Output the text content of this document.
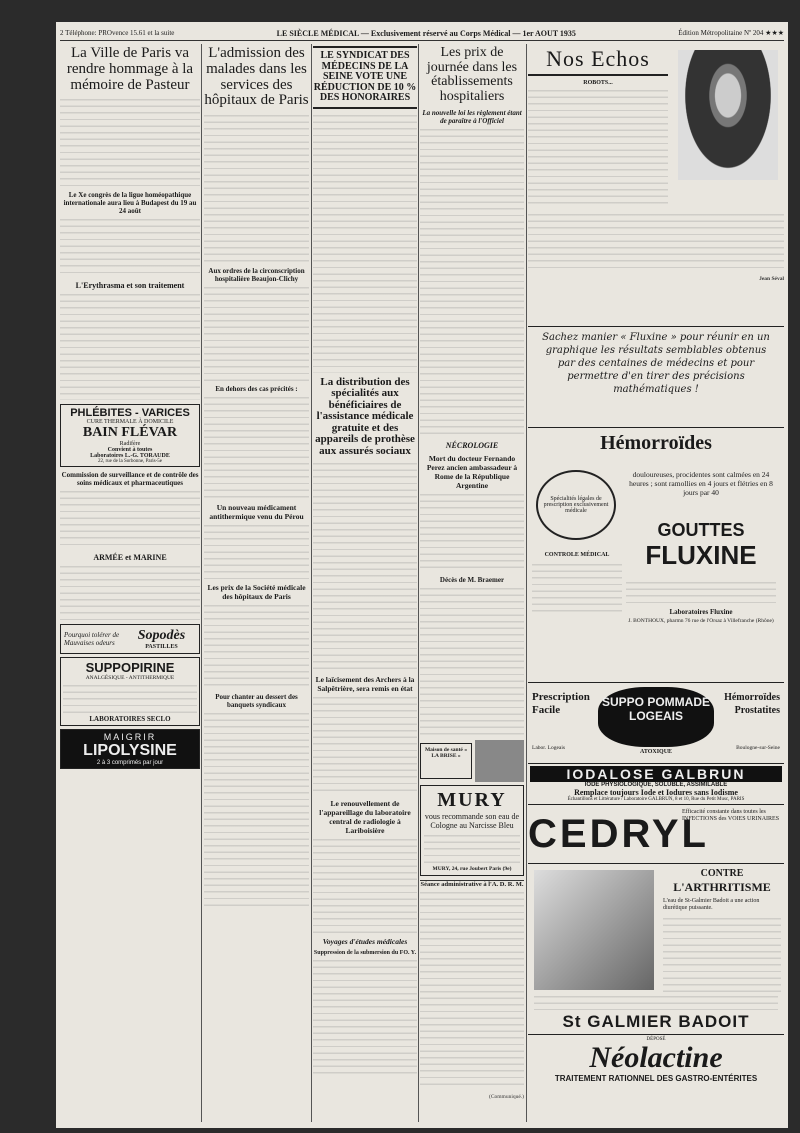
2 Téléphone: PROvence 15.61 et la suite	LE SIÈCLE MÉDICAL — Exclusivement réservé au Corps Médical — 1er AOUT 1935	Édition Métropolitaine Nº 204 ★★★
La Ville de Paris va rendre hommage à la mémoire de Pasteur
Le Xe congrès de la ligue homéopathique internationale aura lieu à Budapest du 19 au 24 août
L'Erythrasma et son traitement
PHLÉBITES - VARICES
CURE THERMALE À DOMICILE
BAIN FLÉVAR
Radifère
Convient à toutes
Laboratoires L.-G. TORAUDE
22, rue de la Sorbonne, Paris-5e
Commission de surveillance et de contrôle des soins médicaux et pharmaceutiques
ARMÉE et MARINE
Pourquoi tolérer de Mauvaises odeurs	Sopodès
PASTILLES
SUPPOPIRINE
ANALGÉSIQUE - ANTITHERMIQUE
LABORATOIRES SECLO
MAIGRIR
LIPOLYSINE
2 à 3 comprimés par jour
L'admission des malades dans les services des hôpitaux de Paris
Aux ordres de la circonscription hospitalière Beaujon-Clichy
En dehors des cas précités :
Un nouveau médicament antithermique venu du Pérou
Les prix de la Société médicale des hôpitaux de Paris
Pour chanter au dessert des banquets syndicaux
LE SYNDICAT DES MÉDECINS DE LA SEINE VOTE UNE RÉDUCTION DE 10 % DES HONORAIRES
La distribution des spécialités aux bénéficiaires de l'assistance médicale gratuite et des appareils de prothèse aux assurés sociaux
Le laïcisement des Archers à la Salpêtrière, sera remis en état
Le renouvellement de l'appareillage du laboratoire central de radiologie à Lariboisière
Voyages d'études médicales
Suppression de la submersion du FO. Y.
Les prix de journée dans les établissements hospitaliers
La nouvelle loi les règlement étant de paraître à l'Officiel
NÉCROLOGIE
Mort du docteur Fernando Perez ancien ambassadeur à Rome de la République Argentine
Décès de M. Braemer
Maison de santé « LA BRISE »
MURY
vous recommande son eau de Cologne au Narcisse Bleu
MURY, 24, rue Joubert Paris (9e)
Séance administrative à l'A. D. R. M.
(Communiqué.)
Nos Echos
ROBOTS...
Jean Séval
Sachez manier « Fluxine » pour réunir en un graphique les résultats semblables obtenus par des centaines de médecins et pour permettre d'en tirer des précisions mathématiques !
Hémorroïdes
Spécialités légales de prescription exclusivement médicale
douloureuses, procidentes sont calmées en 24 heures ; sont ramollies en 4 jours et flétries en 8 jours par 40
GOUTTES
FLUXINE
CONTROLE MÉDICAL
Laboratoires Fluxine
J. BONTHOUX, pharmn 76 rue de l'Orsaz à Villefranche (Rhône)
Prescription Facile
SUPPO POMMADE LOGEAIS
ATOXIQUE
Hémorroïdes Prostatites
Labor. Logeais	Boulogne-sur-Seine
IODALOSE GALBRUN
IODE PHYSIOLOGIQUE, SOLUBLE, ASSIMILABLE
Remplace toujours Iode et Iodures sans Iodisme
Échantillons et Littérature / Laboratoire GALBRUN, 8 et 10, Rue du Petit Musc, PARIS
CEDRYL
Efficacité constante dans toutes les INFECTIONS des VOIES URINAIRES
CONTRE
L'ARTHRITISME
L'eau de St-Galmier Badoit a une action diurétique puissante.
St GALMIER BADOIT
DÉPOSÉ
Néolactine
TRAITEMENT RATIONNEL DES GASTRO-ENTÉRITES
